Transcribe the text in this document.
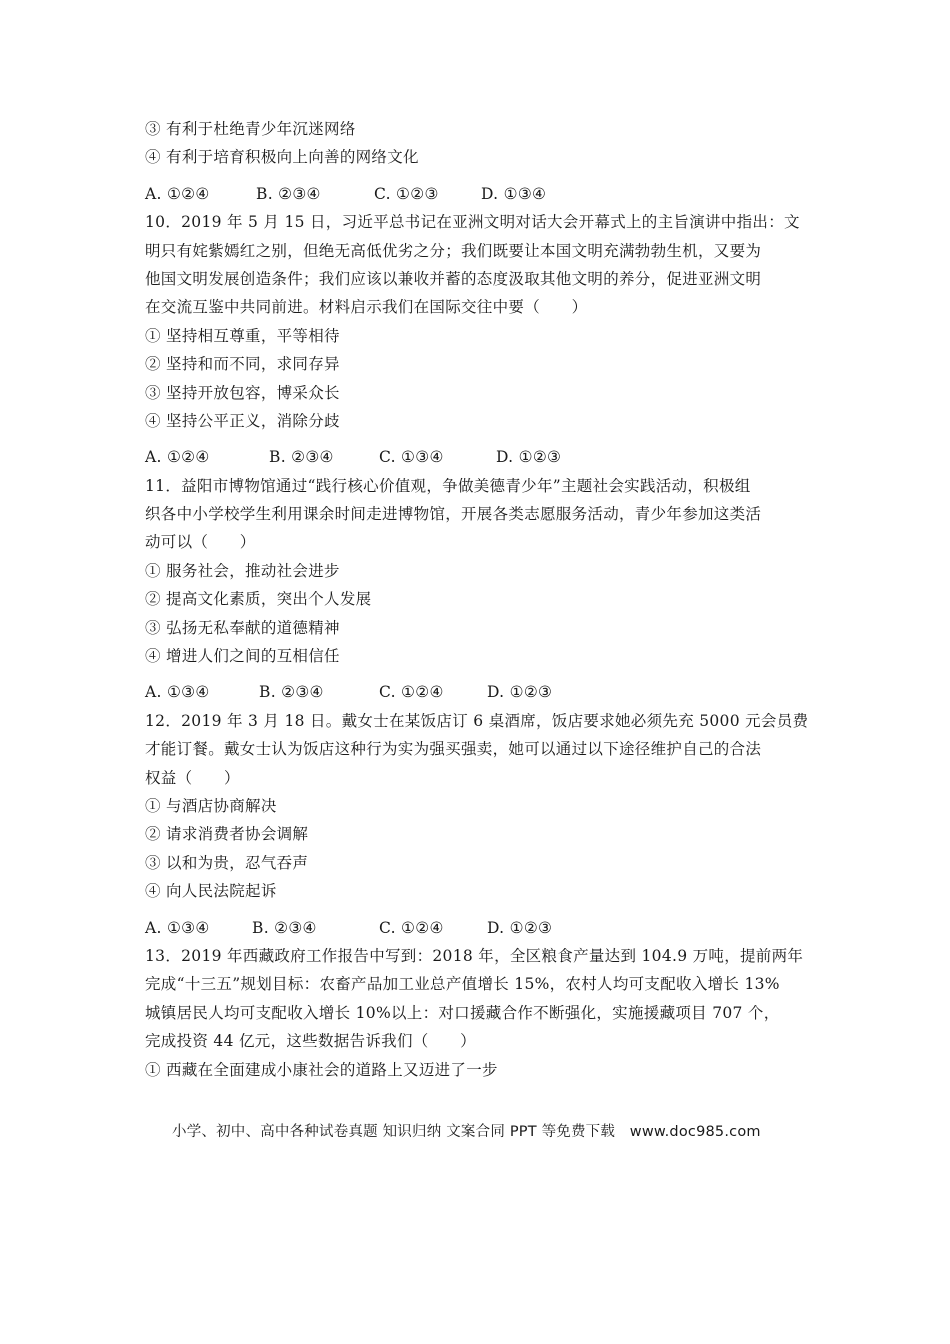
③ 有利于杜绝青少年沉迷网络
④ 有利于培育积极向上向善的网络文化
A. ①②④	B. ②③④	C. ①②③	D. ①③④
10．2019 年 5 月 15 日，习近平总书记在亚洲文明对话大会开幕式上的主旨演讲中指出：文
明只有姹紫嫣红之别，但绝无高低优劣之分；我们既要让本国文明充满勃勃生机，又要为
他国文明发展创造条件；我们应该以兼收并蓄的态度汲取其他文明的养分，促进亚洲文明
在交流互鉴中共同前进。材料启示我们在国际交往中要（　　）
① 坚持相互尊重，平等相待
② 坚持和而不同，求同存异
③ 坚持开放包容，博采众长
④ 坚持公平正义，消除分歧
A. ①②④	B. ②③④	C. ①③④	D. ①②③
11．益阳市博物馆通过“践行核心价值观，争做美德青少年”主题社会实践活动，积极组
织各中小学校学生利用课余时间走进博物馆，开展各类志愿服务活动，青少年参加这类活
动可以（　　）
① 服务社会，推动社会进步
② 提高文化素质，突出个人发展
③ 弘扬无私奉献的道德精神
④ 增进人们之间的互相信任
A. ①③④	B. ②③④	C. ①②④	D. ①②③
12．2019 年 3 月 18 日。戴女士在某饭店订 6 桌酒席，饭店要求她必须先充 5000 元会员费
才能订餐。戴女士认为饭店这种行为实为强买强卖，她可以通过以下途径维护自己的合法
权益（　　）
① 与酒店协商解决
② 请求消费者协会调解
③ 以和为贵，忍气吞声
④ 向人民法院起诉
A. ①③④	B. ②③④	C. ①②④	D. ①②③
13．2019 年西藏政府工作报告中写到：2018 年，全区粮食产量达到 104.9 万吨，提前两年
完成“十三五”规划目标：农畜产品加工业总产值增长 15%，农村人均可支配收入增长 13%
城镇居民人均可支配收入增长 10%以上：对口援藏合作不断强化，实施援藏项目 707 个，
完成投资 44 亿元，这些数据告诉我们（　　）
① 西藏在全面建成小康社会的道路上又迈进了一步
小学、初中、高中各种试卷真题 知识归纳 文案合同 PPT 等免费下载　www.doc985.com
